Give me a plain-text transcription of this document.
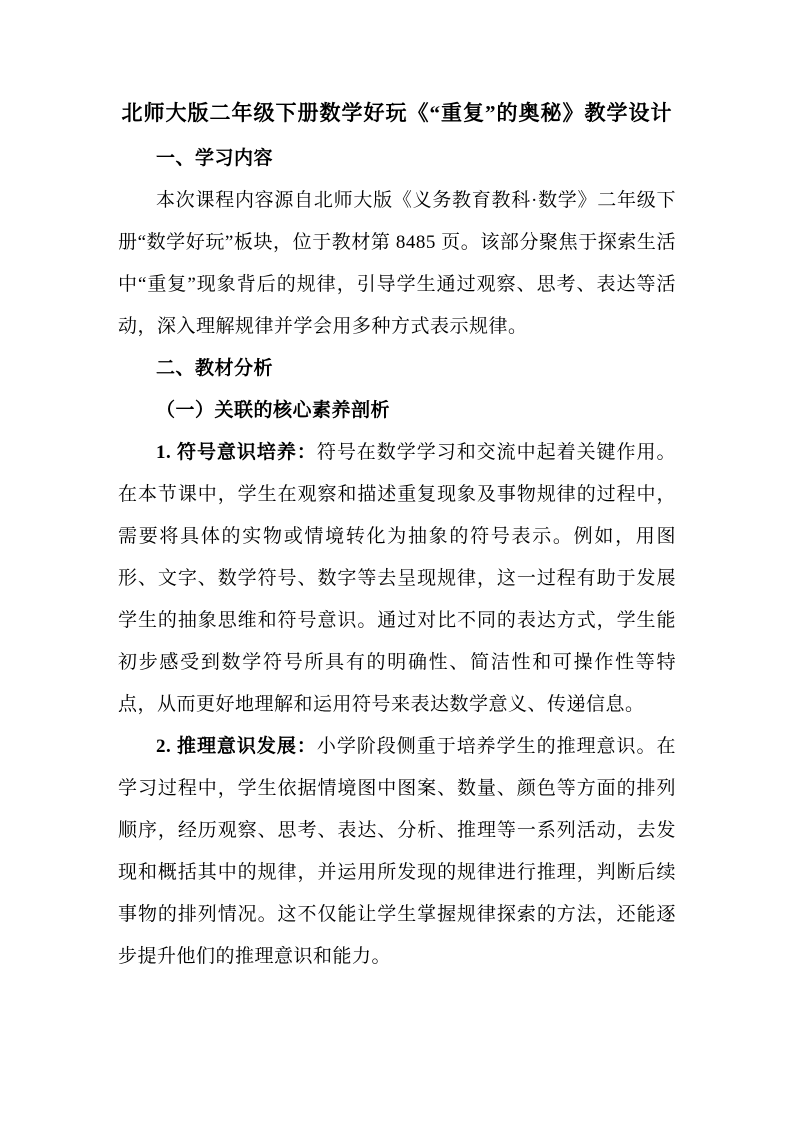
北师大版二年级下册数学好玩《“重复”的奥秘》教学设计

一、学习内容

本次课程内容源自北师大版《义务教育教科·数学》二年级下册“数学好玩”板块，位于教材第 8485 页。该部分聚焦于探索生活中“重复”现象背后的规律，引导学生通过观察、思考、表达等活动，深入理解规律并学会用多种方式表示规律。

二、教材分析

（一）关联的核心素养剖析

1. 符号意识培养：符号在数学学习和交流中起着关键作用。在本节课中，学生在观察和描述重复现象及事物规律的过程中，需要将具体的实物或情境转化为抽象的符号表示。例如，用图形、文字、数学符号、数字等去呈现规律，这一过程有助于发展学生的抽象思维和符号意识。通过对比不同的表达方式，学生能初步感受到数学符号所具有的明确性、简洁性和可操作性等特点，从而更好地理解和运用符号来表达数学意义、传递信息。

2. 推理意识发展：小学阶段侧重于培养学生的推理意识。在学习过程中，学生依据情境图中图案、数量、颜色等方面的排列顺序，经历观察、思考、表达、分析、推理等一系列活动，去发现和概括其中的规律，并运用所发现的规律进行推理，判断后续事物的排列情况。这不仅能让学生掌握规律探索的方法，还能逐步提升他们的推理意识和能力。
